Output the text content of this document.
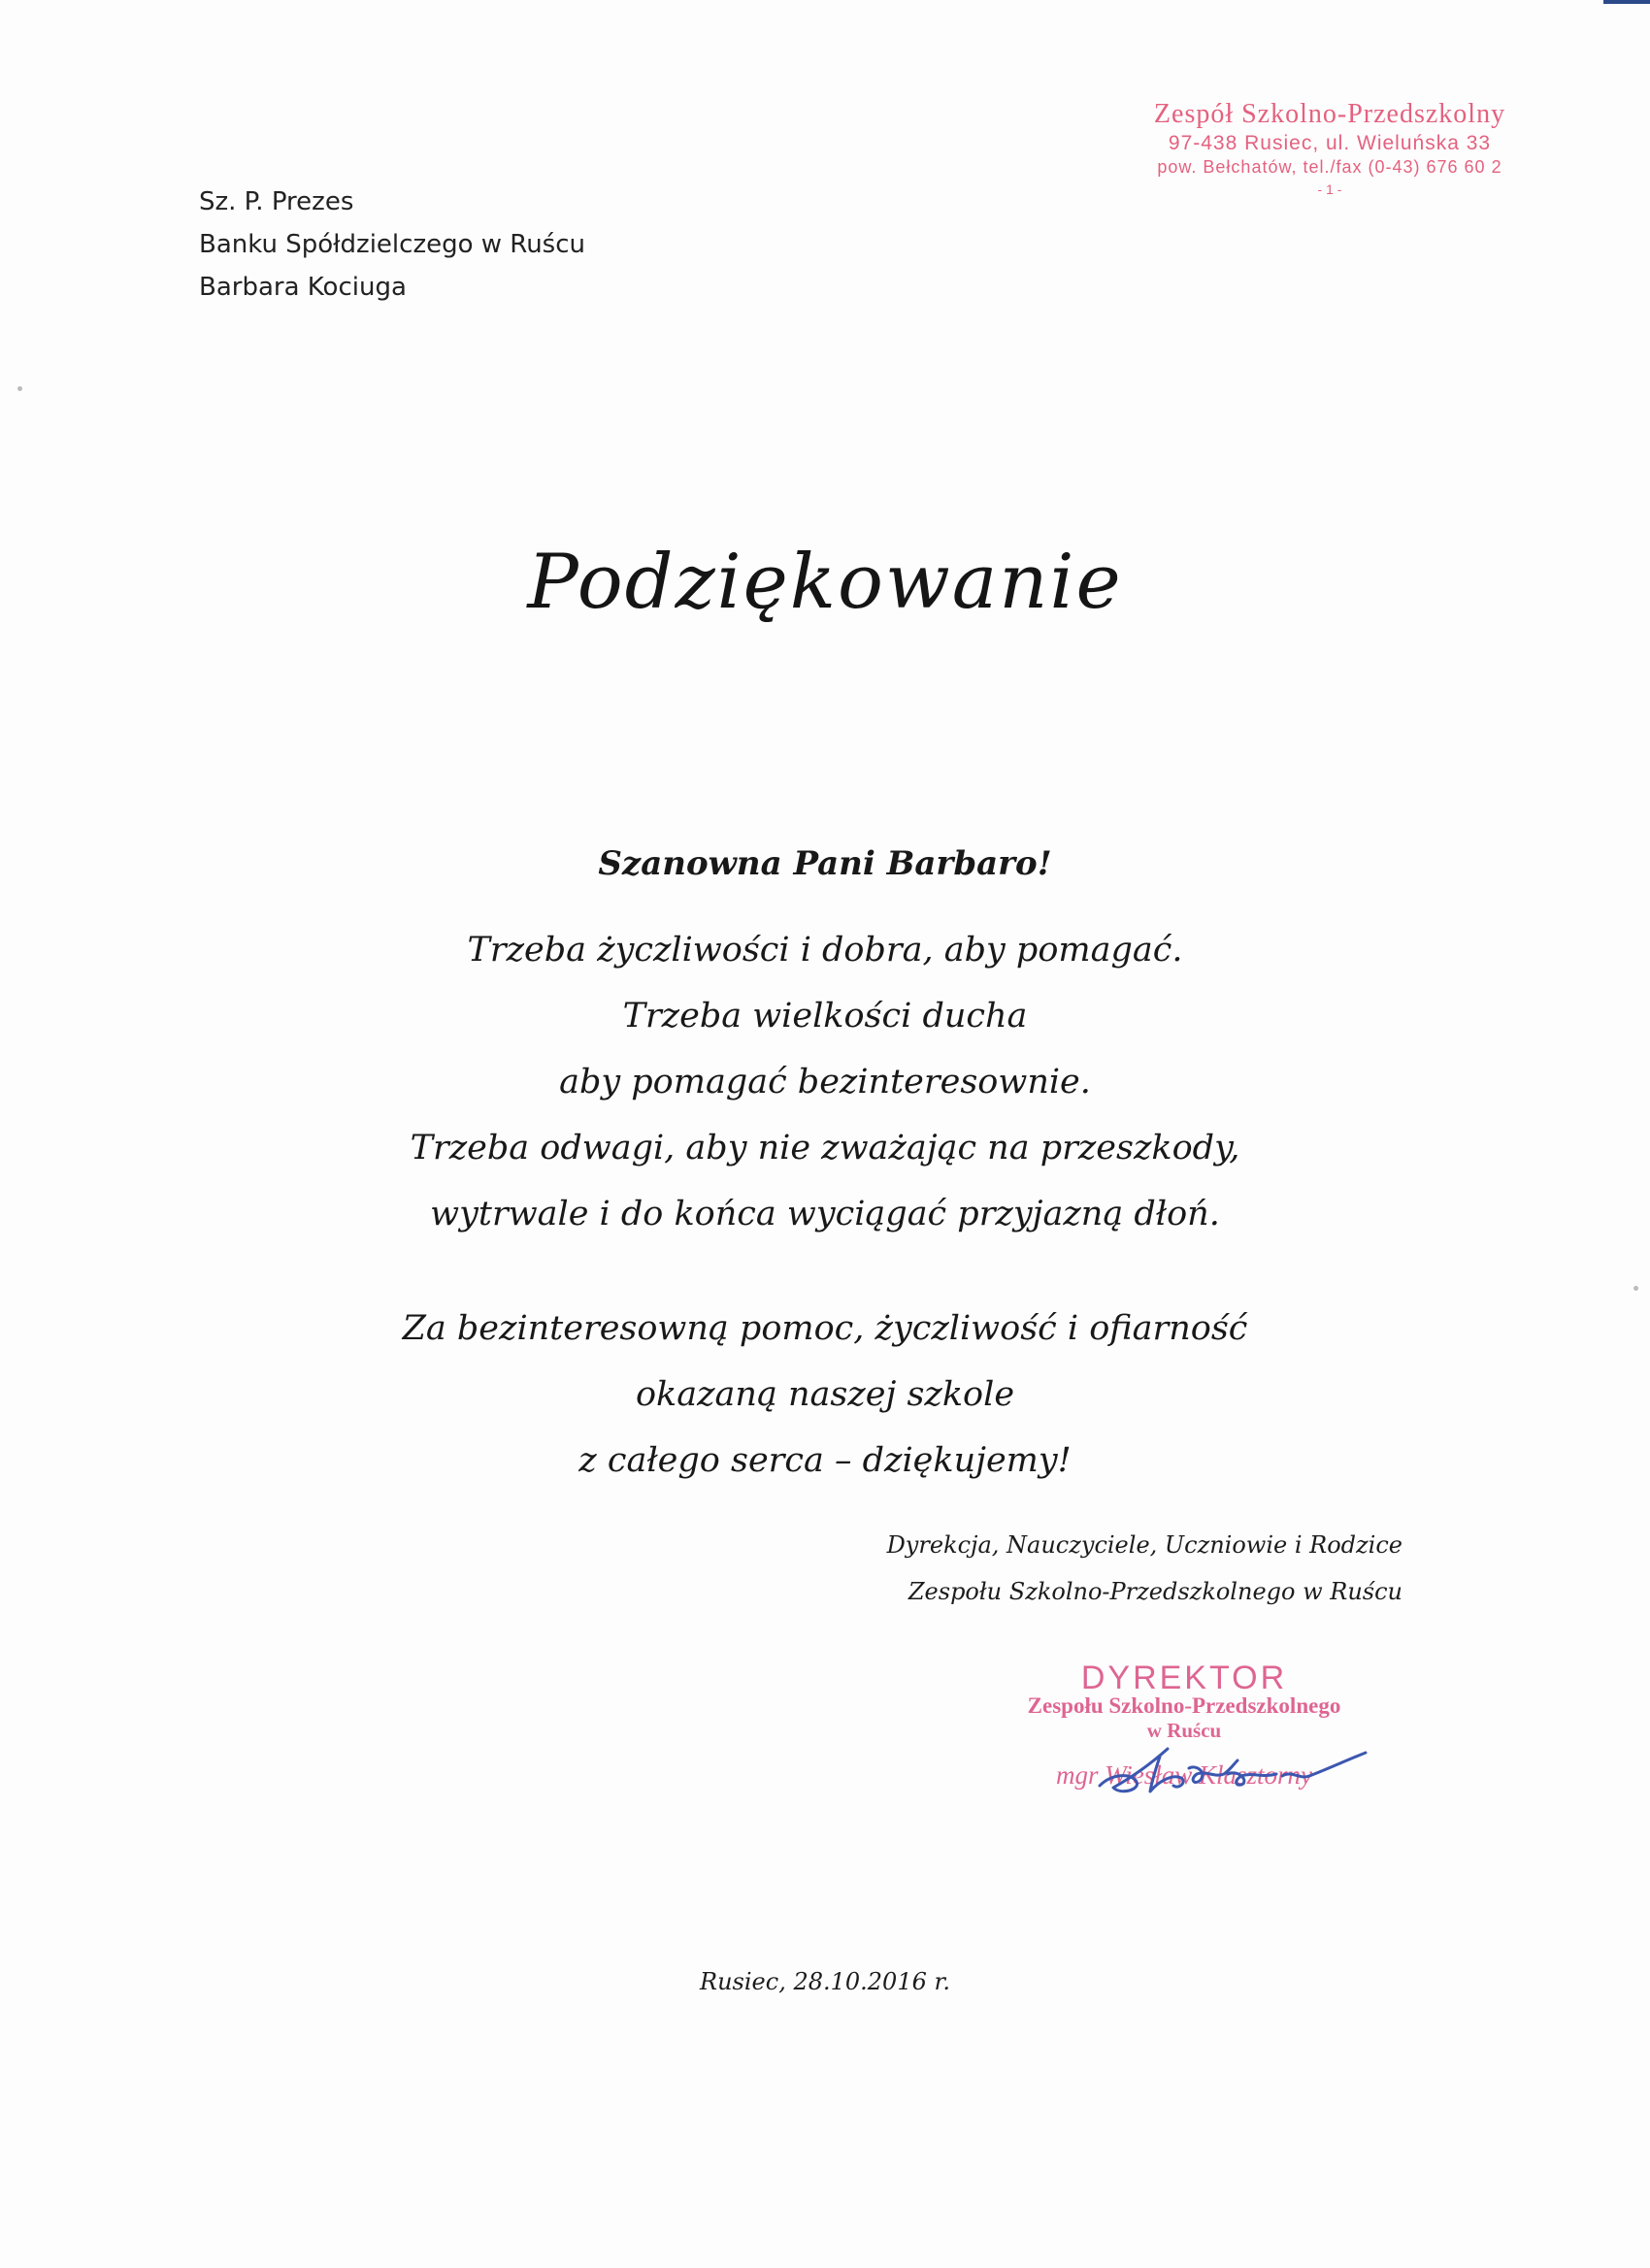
Sz. P. Prezes
Banku Spółdzielczego w Ruścu
Barbara Kociuga
Zespół Szkolno-Przedszkolny
97-438 Rusiec, ul. Wieluńska 33
pow. Bełchatów, tel./fax (0-43) 676 60 2
- 1 -
Podziękowanie
Szanowna Pani Barbaro!
Trzeba życzliwości i dobra, aby pomagać.
Trzeba wielkości ducha
aby pomagać bezinteresownie.
Trzeba odwagi, aby nie zważając na przeszkody,
wytrwale i do końca wyciągać przyjazną dłoń.
Za bezinteresowną pomoc, życzliwość i ofiarność
okazaną naszej szkole
z całego serca – dziękujemy!
Dyrekcja, Nauczyciele, Uczniowie i Rodzice
Zespołu Szkolno-Przedszkolnego w Ruścu
DYREKTOR
Zespołu Szkolno-Przedszkolnego
w Ruścu
mgr Wiesław Klasztorny
Rusiec, 28.10.2016 r.
